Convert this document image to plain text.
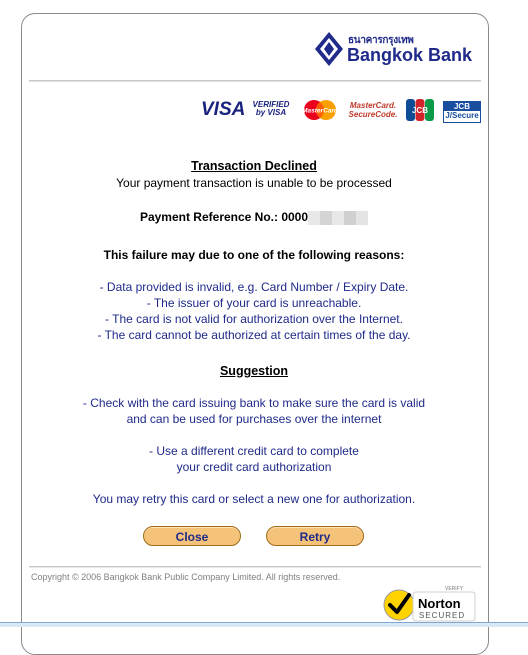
ธนาคารกรุงเทพ
Bangkok Bank
VISA VERIFIED
by VISA	MasterCard
MasterCard.
SecureCode. JCB	JCB
J/Secure
Transaction Declined
Your payment transaction is unable to be processed
Payment Reference No.: 0000
This failure may due to one of the following reasons:
- Data provided is invalid, e.g. Card Number / Expiry Date.
- The issuer of your card is unreachable.
- The card is not valid for authorization over the Internet.
- The card cannot be authorized at certain times of the day.
Suggestion
- Check with the card issuing bank to make sure the card is valid
and can be used for purchases over the internet
- Use a different credit card to complete
your credit card authorization
You may retry this card or select a new one for authorization.
Close	Retry
Copyright © 2006 Bangkok Bank Public Company Limited. All rights reserved.
VERIFY
Norton
SECURED
